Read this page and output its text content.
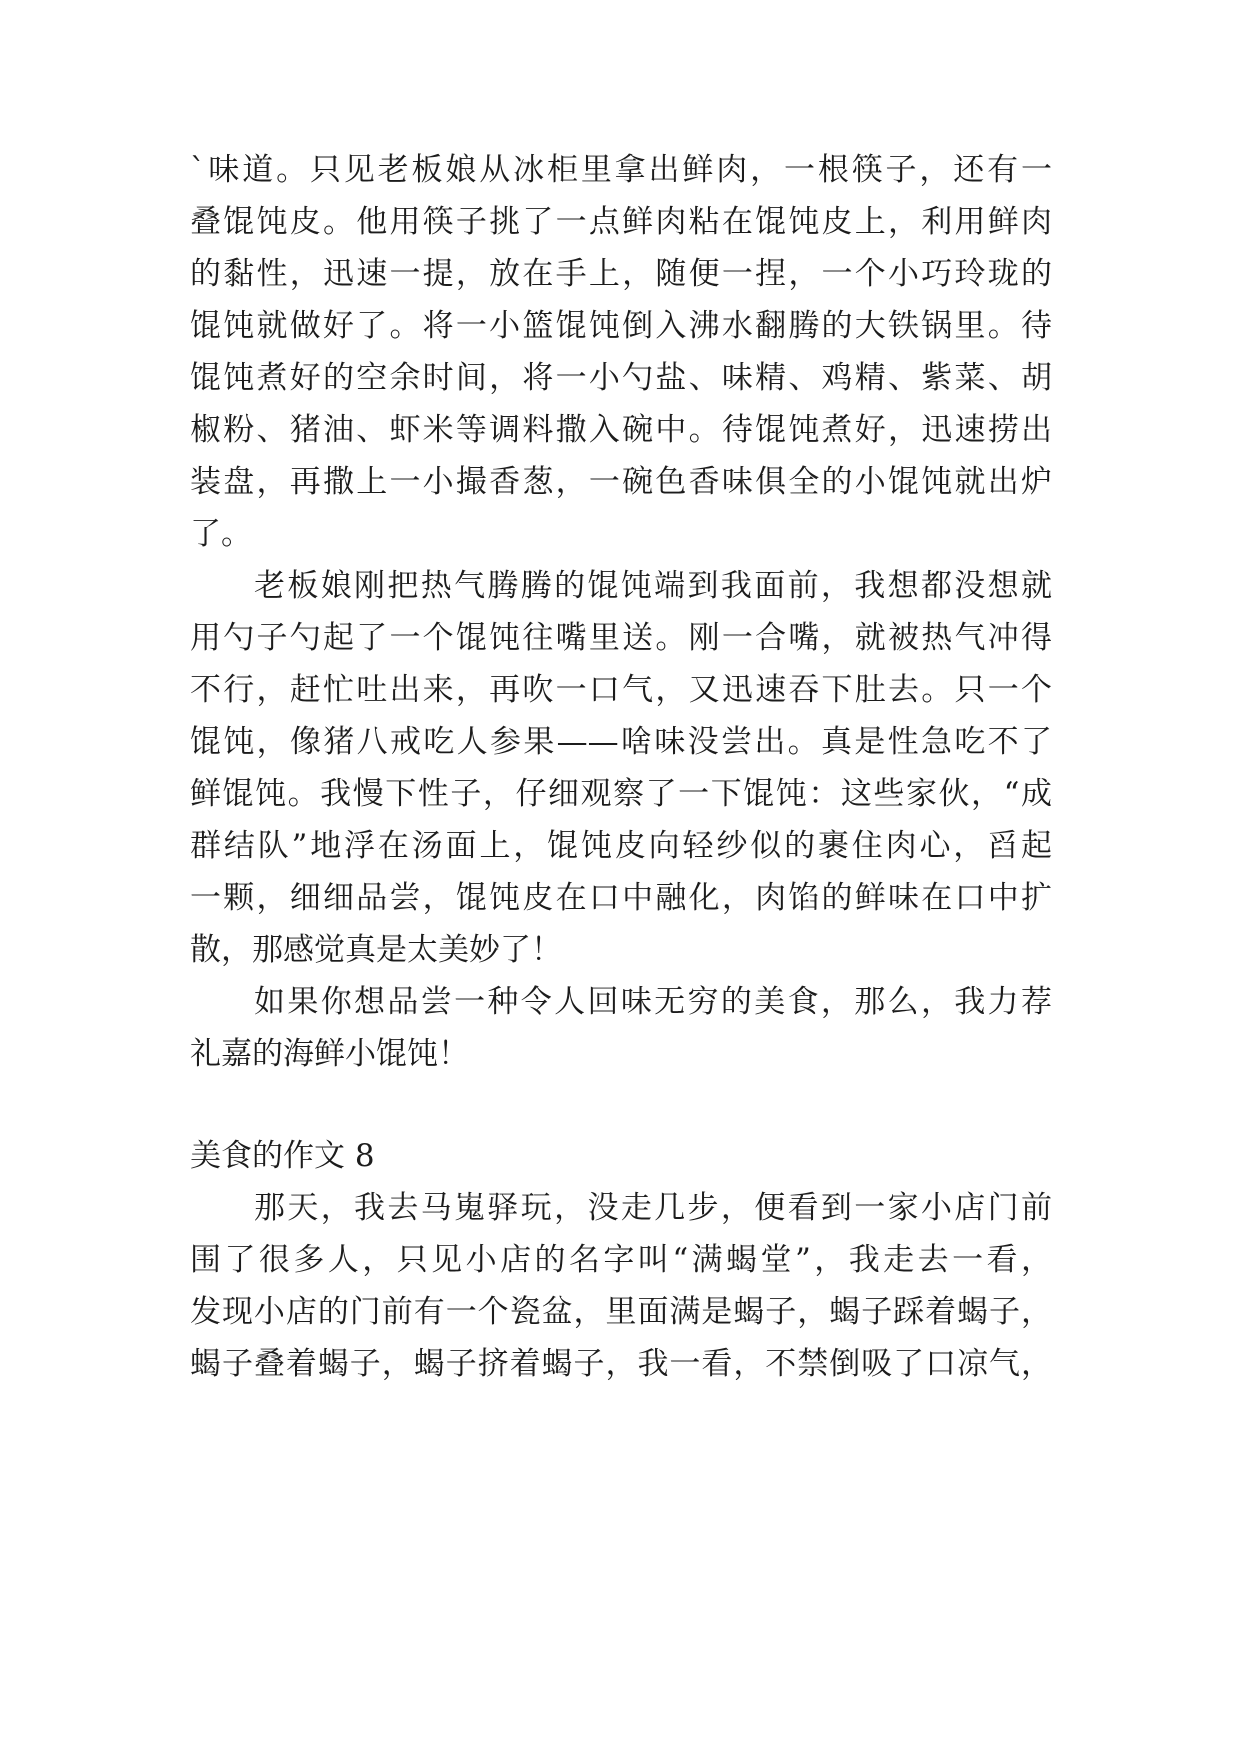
`味道。只见老板娘从冰柜里拿出鲜肉，一根筷子，还有一
叠馄饨皮。他用筷子挑了一点鲜肉粘在馄饨皮上，利用鲜肉
的黏性，迅速一提，放在手上，随便一捏，一个小巧玲珑的
馄饨就做好了。将一小篮馄饨倒入沸水翻腾的大铁锅里。待
馄饨煮好的空余时间，将一小勺盐、味精、鸡精、紫菜、胡
椒粉、猪油、虾米等调料撒入碗中。待馄饨煮好，迅速捞出
装盘，再撒上一小撮香葱，一碗色香味俱全的小馄饨就出炉
了。
老板娘刚把热气腾腾的馄饨端到我面前，我想都没想就
用勺子勺起了一个馄饨往嘴里送。刚一合嘴，就被热气冲得
不行，赶忙吐出来，再吹一口气，又迅速吞下肚去。只一个
馄饨，像猪八戒吃人参果——啥味没尝出。真是性急吃不了
鲜馄饨。我慢下性子，仔细观察了一下馄饨：这些家伙，“成
群结队”地浮在汤面上，馄饨皮向轻纱似的裹住肉心，舀起
一颗，细细品尝，馄饨皮在口中融化，肉馅的鲜味在口中扩
散，那感觉真是太美妙了！
如果你想品尝一种令人回味无穷的美食，那么，我力荐
礼嘉的海鲜小馄饨！
美食的作文 8
那天，我去马嵬驿玩，没走几步，便看到一家小店门前
围了很多人，只见小店的名字叫“满蝎堂”，我走去一看，
发现小店的门前有一个瓷盆，里面满是蝎子，蝎子踩着蝎子，
蝎子叠着蝎子，蝎子挤着蝎子，我一看，不禁倒吸了口凉气，
